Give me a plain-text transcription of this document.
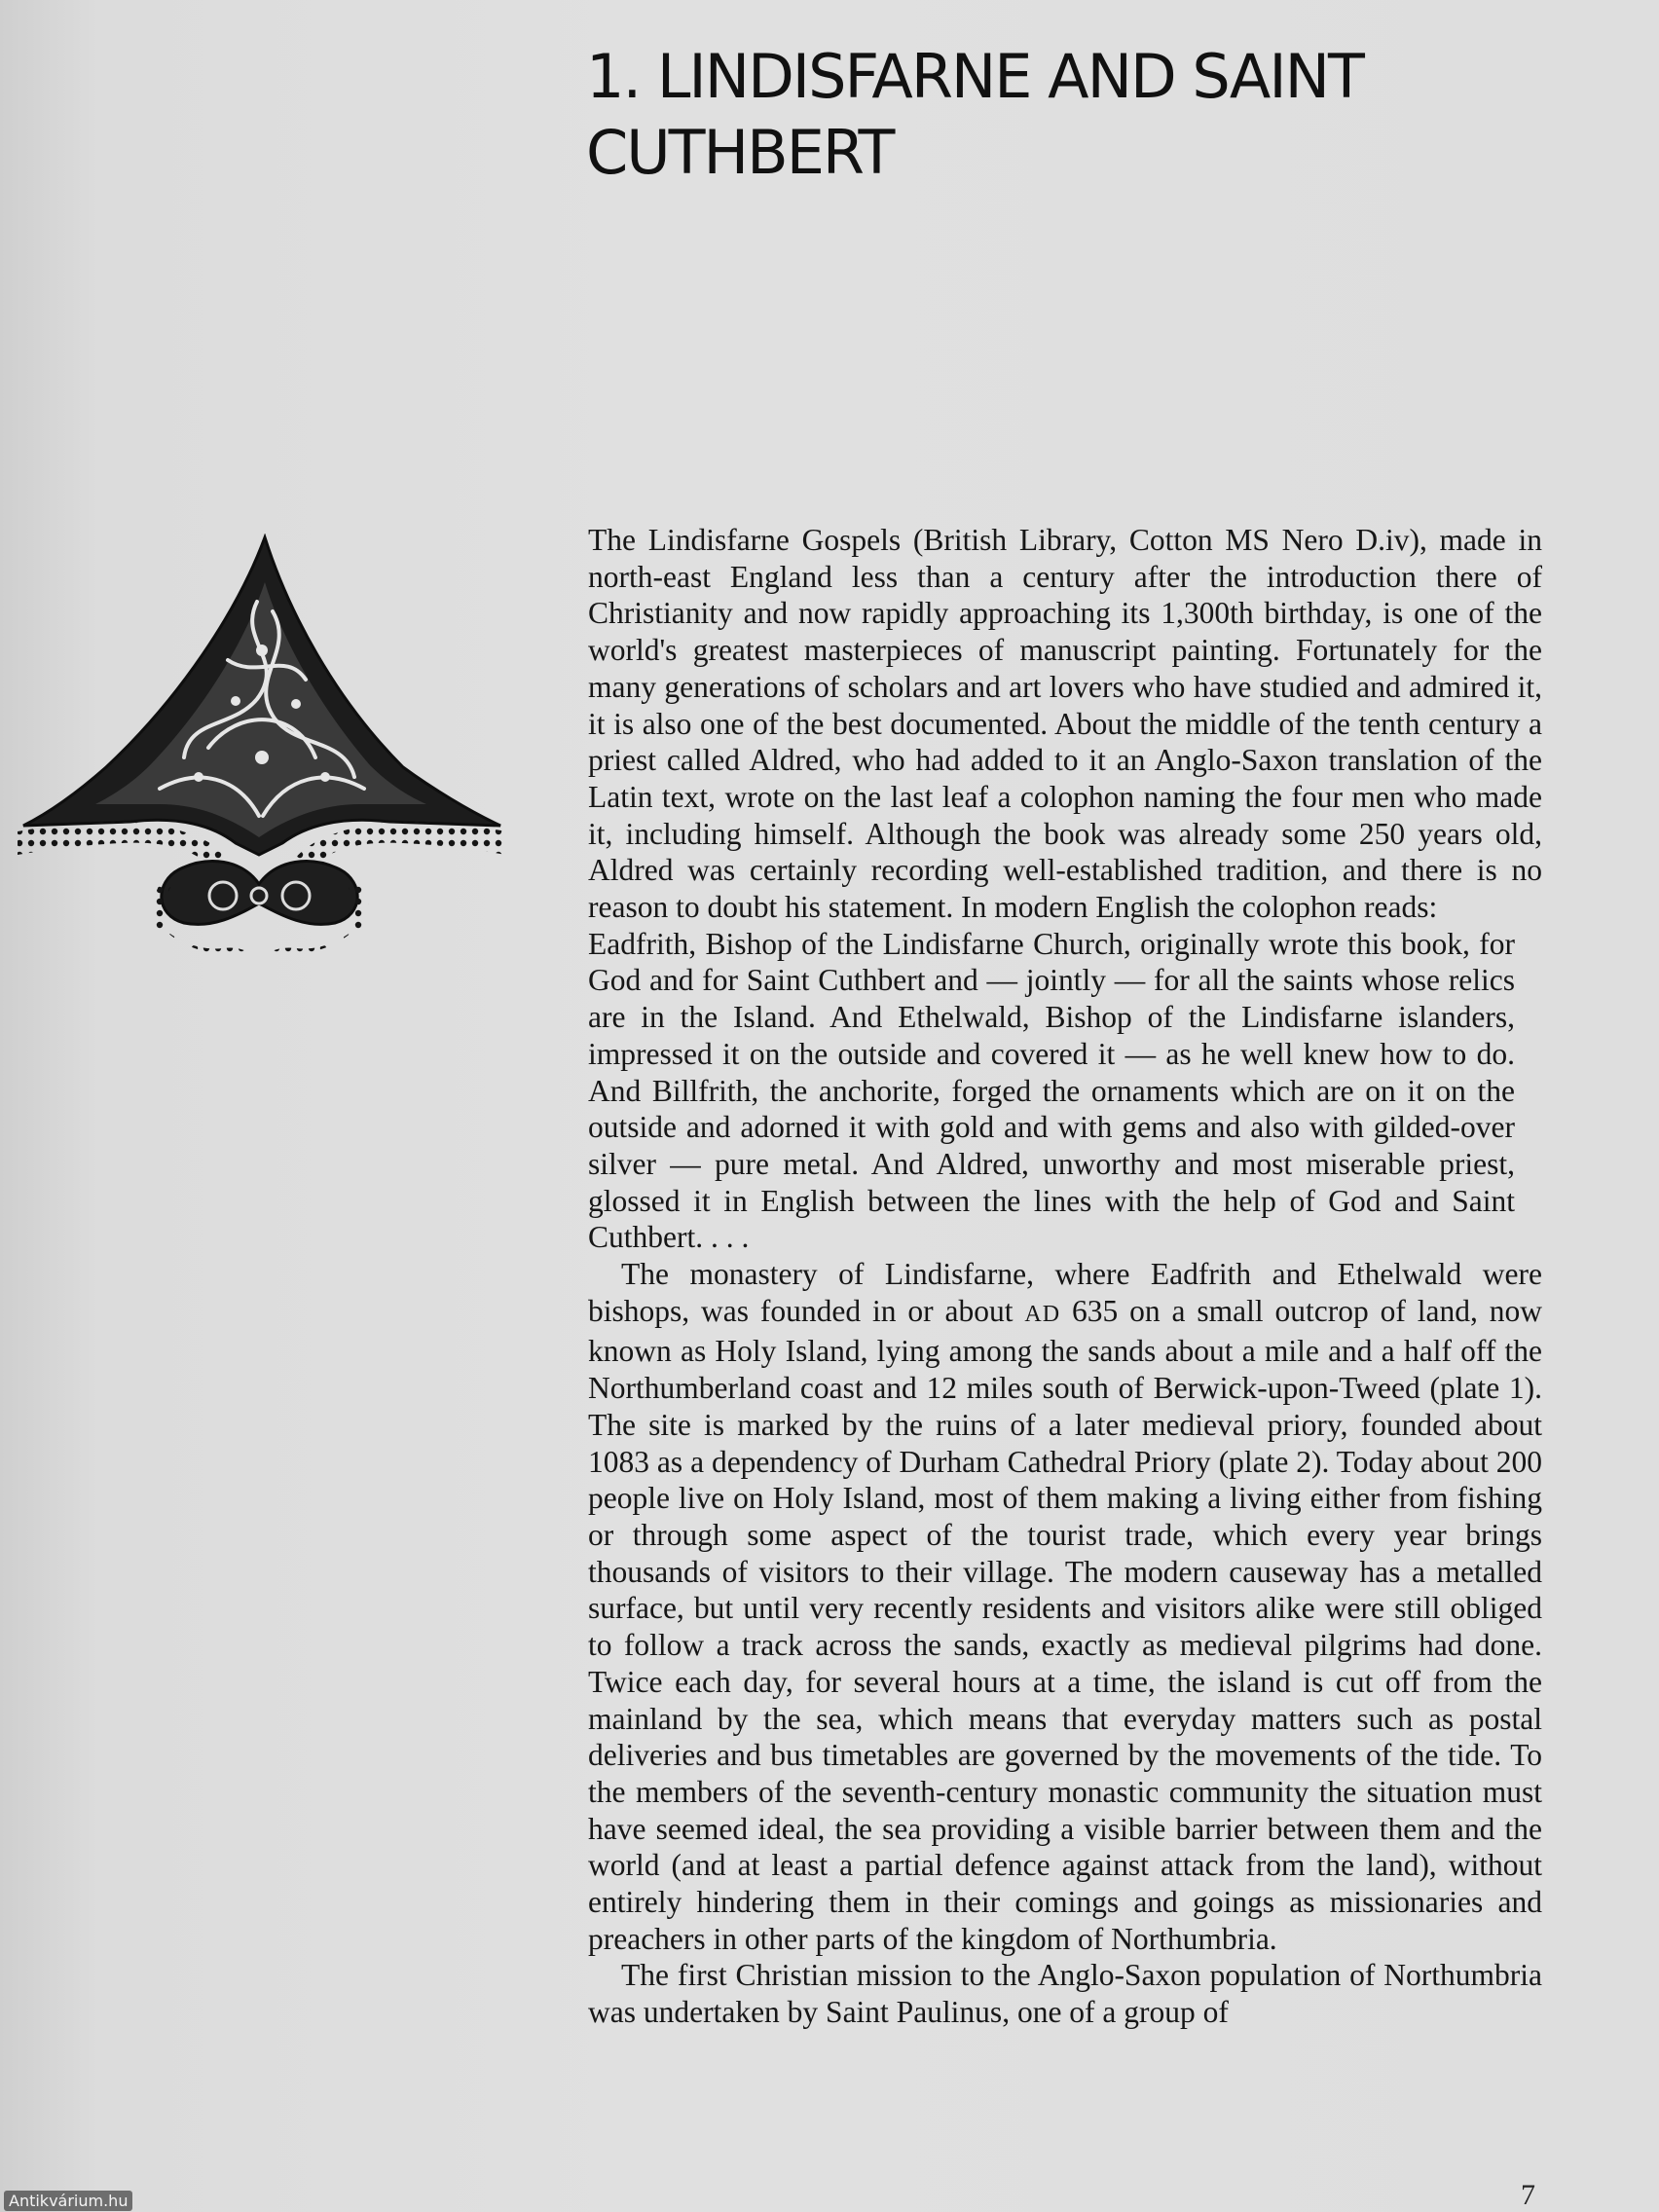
1. LINDISFARNE AND SAINT CUTHBERT

The Lindisfarne Gospels (British Library, Cotton MS Nero D.iv), made in north-east England less than a century after the introduction there of Christianity and now rapidly approaching its 1,300th birthday, is one of the world's greatest masterpieces of manuscript painting. Fortunately for the many generations of scholars and art lovers who have studied and admired it, it is also one of the best documented. About the middle of the tenth century a priest called Aldred, who had added to it an Anglo-Saxon translation of the Latin text, wrote on the last leaf a colophon naming the four men who made it, including himself. Although the book was already some 250 years old, Aldred was certainly recording well-established tradition, and there is no reason to doubt his statement. In modern English the colophon reads:

Eadfrith, Bishop of the Lindisfarne Church, originally wrote this book, for God and for Saint Cuthbert and — jointly — for all the saints whose relics are in the Island. And Ethelwald, Bishop of the Lindisfarne islanders, impressed it on the outside and covered it — as he well knew how to do. And Billfrith, the anchorite, forged the ornaments which are on it on the outside and adorned it with gold and with gems and also with gilded-over silver — pure metal. And Aldred, unworthy and most miserable priest, glossed it in English between the lines with the help of God and Saint Cuthbert. . . .

The monastery of Lindisfarne, where Eadfrith and Ethelwald were bishops, was founded in or about AD 635 on a small outcrop of land, now known as Holy Island, lying among the sands about a mile and a half off the Northumberland coast and 12 miles south of Berwick-upon-Tweed (plate 1). The site is marked by the ruins of a later medieval priory, founded about 1083 as a dependency of Durham Cathedral Priory (plate 2). Today about 200 people live on Holy Island, most of them making a living either from fishing or through some aspect of the tourist trade, which every year brings thousands of visitors to their village. The modern causeway has a metalled surface, but until very recently residents and visitors alike were still obliged to follow a track across the sands, exactly as medieval pilgrims had done. Twice each day, for several hours at a time, the island is cut off from the mainland by the sea, which means that everyday matters such as postal deliveries and bus timetables are governed by the movements of the tide. To the members of the seventh-century monastic community the situation must have seemed ideal, the sea providing a visible barrier between them and the world (and at least a partial defence against attack from the land), without entirely hindering them in their comings and goings as missionaries and preachers in other parts of the kingdom of Northumbria.

The first Christian mission to the Anglo-Saxon population of Northumbria was undertaken by Saint Paulinus, one of a group of

7
Antikvárium.hu
